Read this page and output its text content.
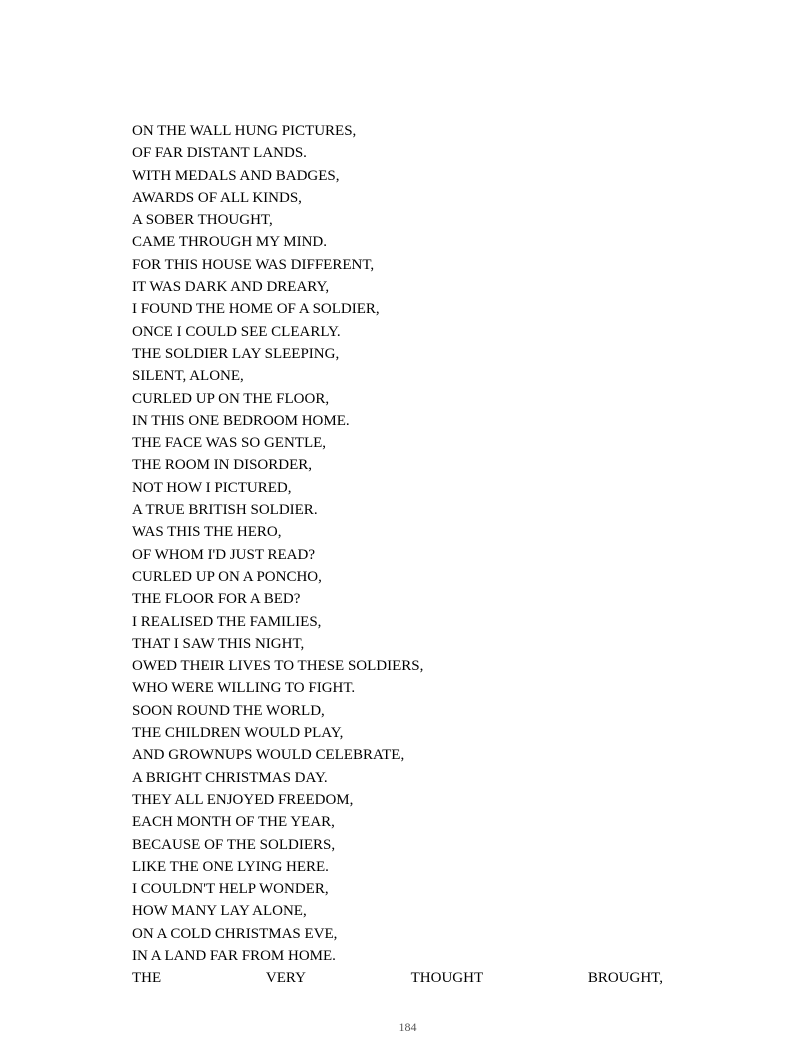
ON THE WALL HUNG PICTURES,
OF FAR DISTANT LANDS.
WITH MEDALS AND BADGES,
AWARDS OF ALL KINDS,
A SOBER THOUGHT,
CAME THROUGH MY MIND.
FOR THIS HOUSE WAS DIFFERENT,
IT WAS DARK AND DREARY,
I FOUND THE HOME OF A SOLDIER,
ONCE I COULD SEE CLEARLY.
THE SOLDIER LAY SLEEPING,
SILENT, ALONE,
CURLED UP ON THE FLOOR,
IN THIS ONE BEDROOM HOME.
THE FACE WAS SO GENTLE,
THE ROOM IN DISORDER,
NOT HOW I PICTURED,
A TRUE BRITISH SOLDIER.
WAS THIS THE HERO,
OF WHOM I'D JUST READ?
CURLED UP ON A PONCHO,
THE FLOOR FOR A BED?
I REALISED THE FAMILIES,
THAT I SAW THIS NIGHT,
OWED THEIR LIVES TO THESE SOLDIERS,
WHO WERE WILLING TO FIGHT.
SOON ROUND THE WORLD,
THE CHILDREN WOULD PLAY,
AND GROWNUPS WOULD CELEBRATE,
A BRIGHT CHRISTMAS DAY.
THEY ALL ENJOYED FREEDOM,
EACH MONTH OF THE YEAR,
BECAUSE OF THE SOLDIERS,
LIKE THE ONE LYING HERE.
I COULDN'T HELP WONDER,
HOW MANY LAY ALONE,
ON A COLD CHRISTMAS EVE,
IN A LAND FAR FROM HOME.
THE	VERY	THOUGHT	BROUGHT,
184
